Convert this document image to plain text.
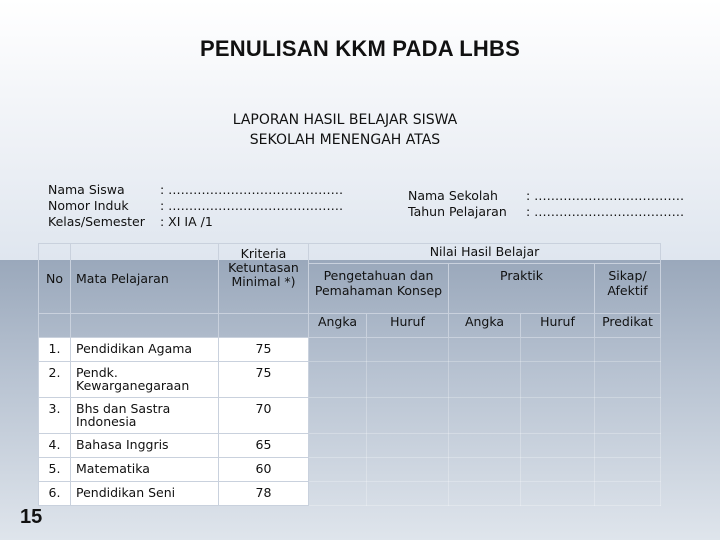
PENULISAN KKM PADA LHBS
LAPORAN HASIL BELAJAR SISWA
SEKOLAH MENENGAH ATAS
Nama Siswa	: ……………………………………
Nomor Induk	: ……………………………………
Kelas/Semester	: XI IA /1
Nama Sekolah	: ………………………………
Tahun Pelajaran	: ………………………………
No	Mata Pelajaran	Kriteria Ketuntasan Minimal *)	Nilai Hasil Belajar				
			Pengetahuan dan Pemahaman Konsep		Praktik		Sikap/ Afektif
			Angka	Huruf	Angka	Huruf	Predikat
1.	Pendidikan Agama	75					
2.	Pendk. Kewarganegaraan	75					
3.	Bhs dan Sastra Indonesia	70					
4.	Bahasa Inggris	65					
5.	Matematika	60					
6.	Pendidikan Seni	78					
15
